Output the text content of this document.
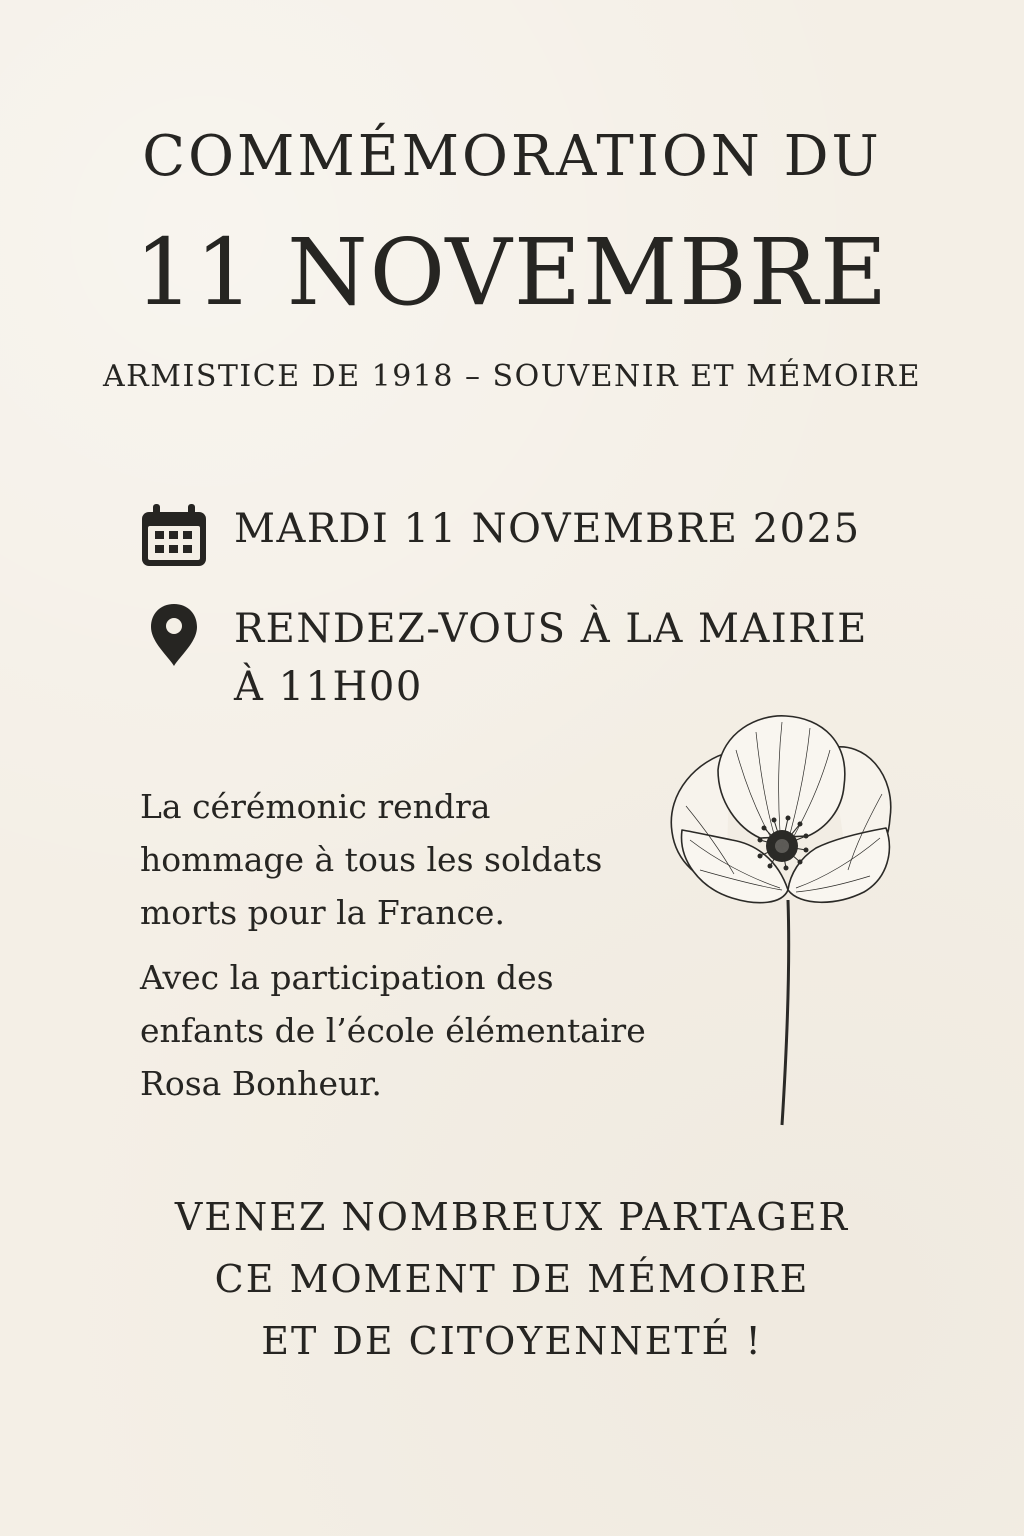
COMMÉMORATION DU
11 NOVEMBRE
ARMISTICE DE 1918 – SOUVENIR ET MÉMOIRE
MARDI 11 NOVEMBRE 2025
RENDEZ-VOUS À LA MAIRIE
À 11H00

La cérémonic rendra
hommage à tous les soldats
morts pour la France.

Avec la participation des
enfants de l’école élémentaire
Rosa Bonheur.

VENEZ NOMBREUX PARTAGER
CE MOMENT DE MÉMOIRE
ET DE CITOYENNETÉ !
